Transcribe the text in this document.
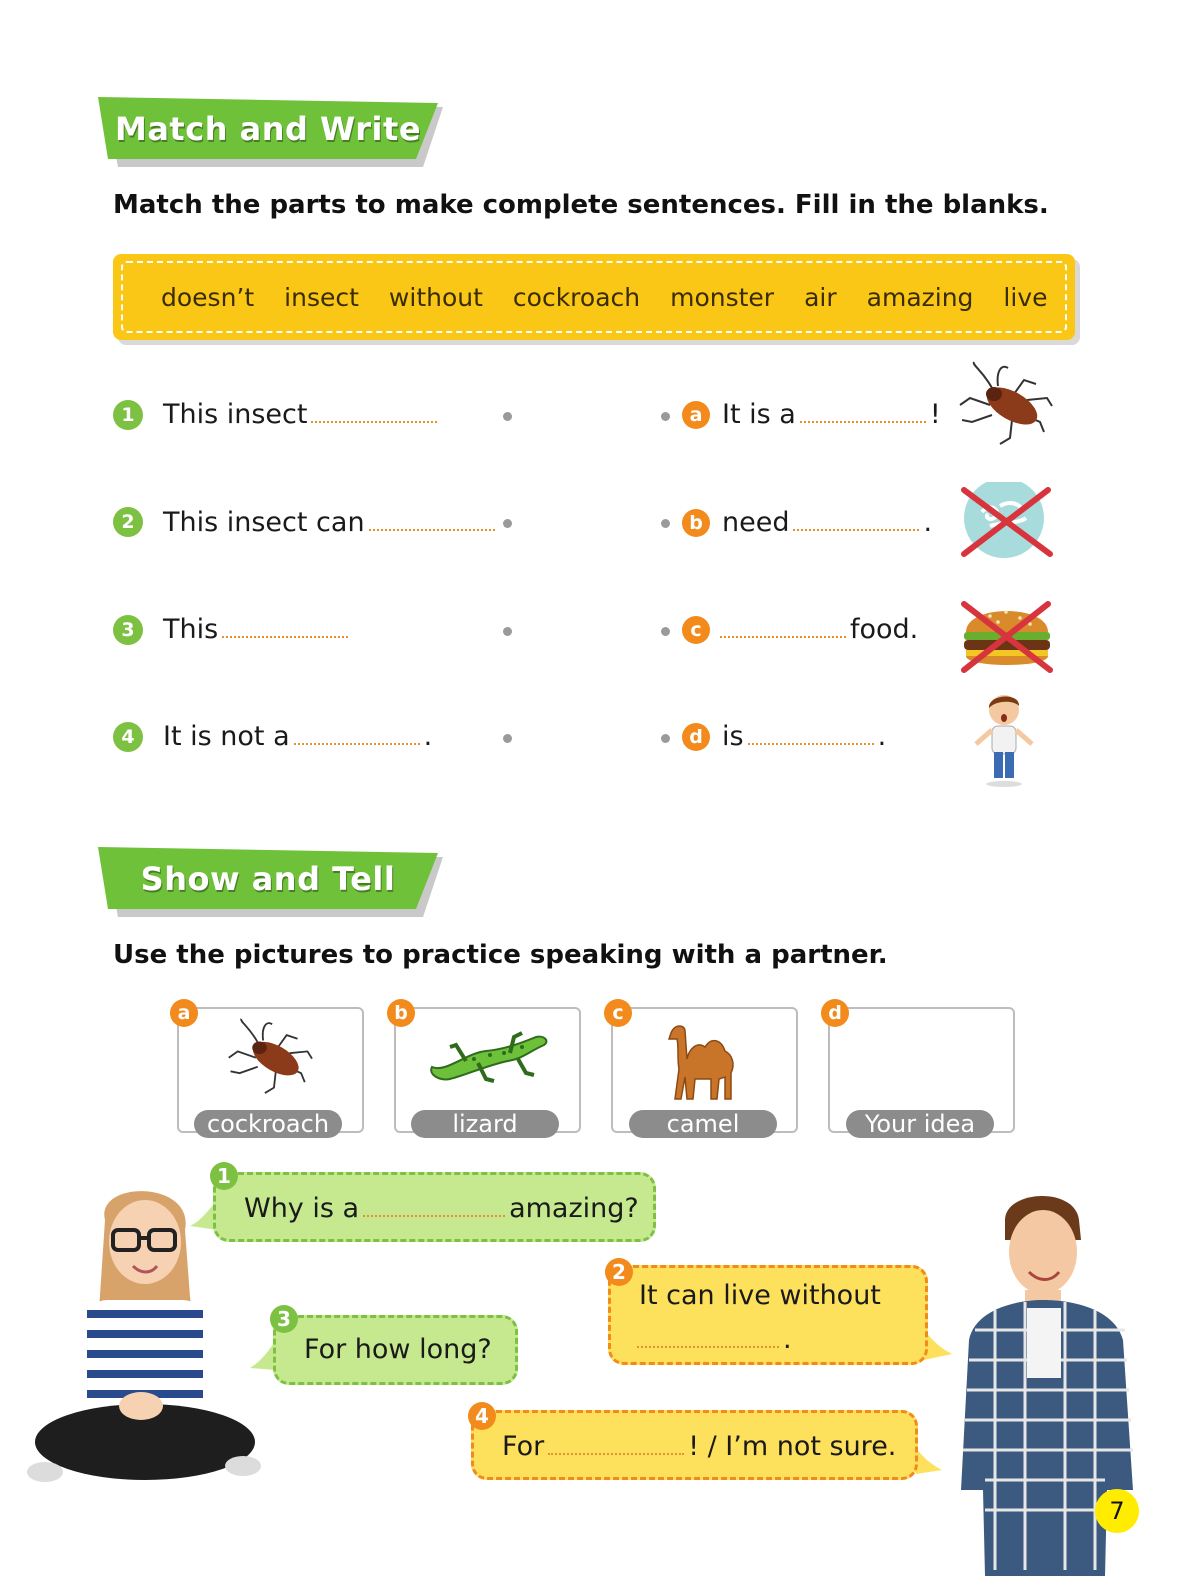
Match and Write
Match the parts to make complete sentences. Fill in the blanks.
doesn’t insect without cockroach monster air amazing live
1	This insect
2	This insect can
3	This
4	It is not a	.
a It is a	!
b need	.
c	food.
d is	.
Show and Tell
Use the pictures to practice speaking with a partner.
a
cockroach
b
lizard
c
camel
d
Your idea
Why is a	amazing?
1
It can live without
.
2
For how long?
3
For	! / I’m not sure.
4
7
